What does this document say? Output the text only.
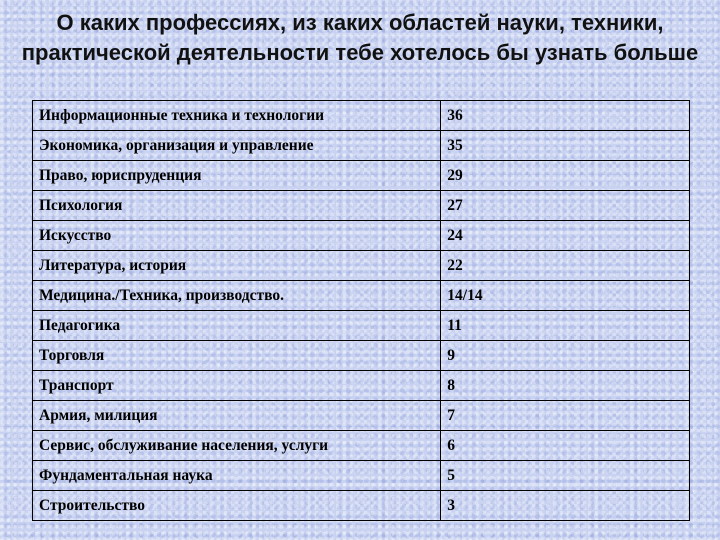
О каких профессиях, из каких областей науки, техники, практической деятельности тебе хотелось бы узнать больше
Информационные техника и технологии	36
Экономика, организация и управление	35
Право, юриспруденция	29
Психология	27
Искусство	24
Литература, история	22
Медицина./Техника, производство.	14/14
Педагогика	11
Торговля	9
Транспорт	8
Армия, милиция	7
Сервис, обслуживание населения, услуги	6
Фундаментальная наука	5
Строительство	3
